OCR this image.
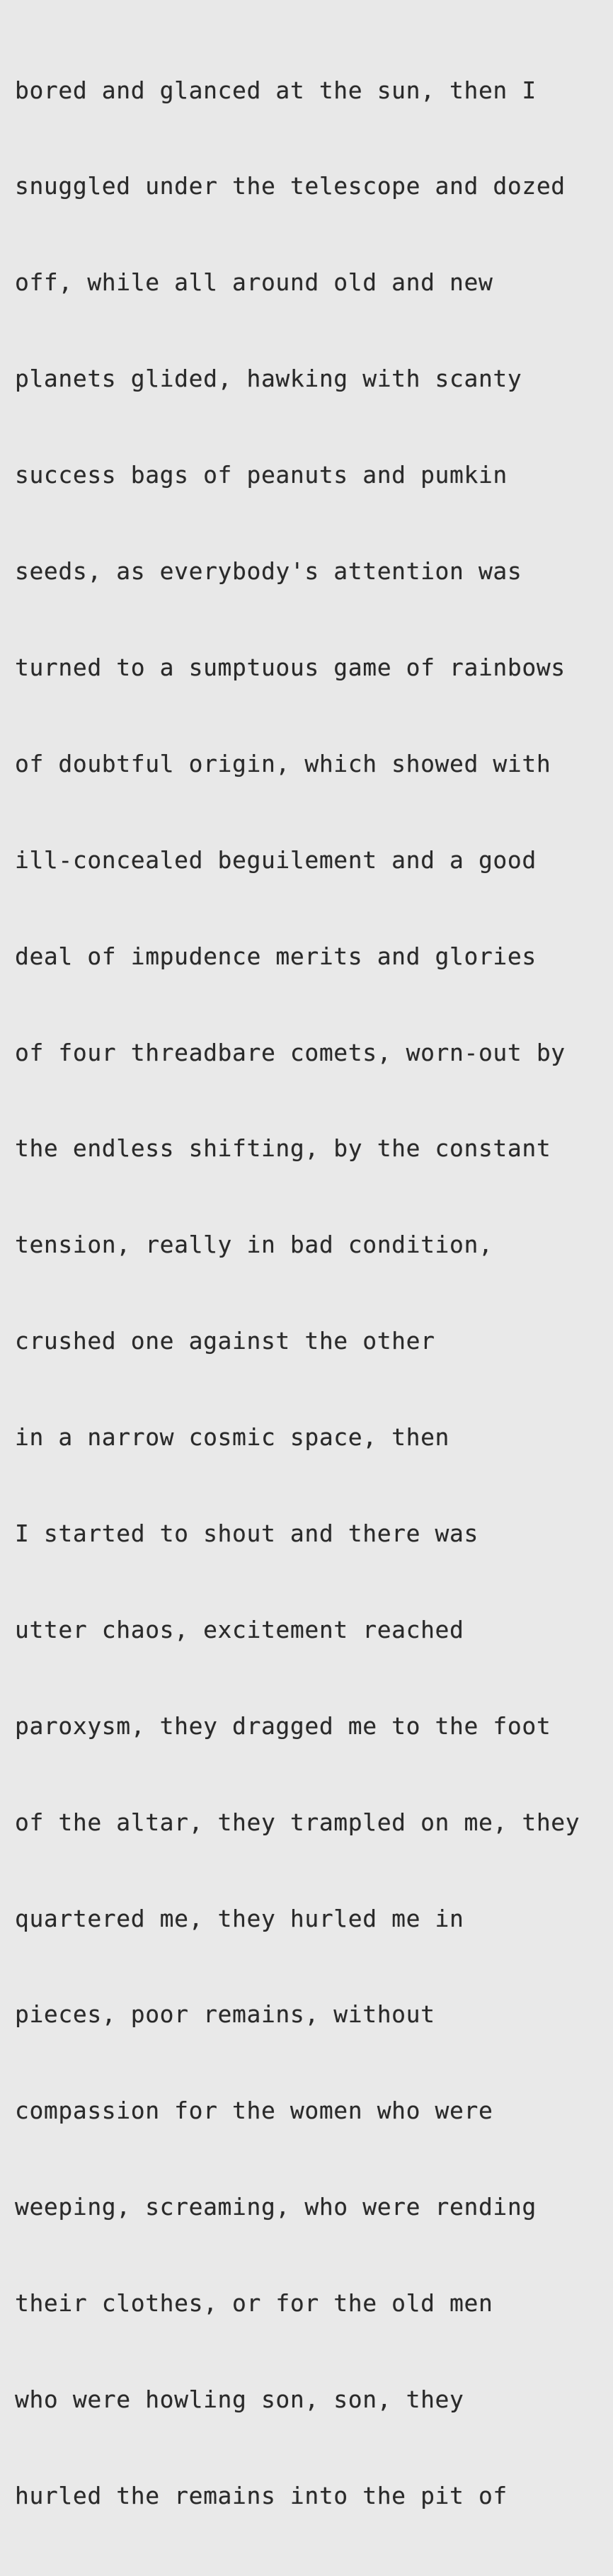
bored and glanced at the sun, then I

snuggled under the telescope and dozed

off, while all around old and new

planets glided, hawking with scanty

success bags of peanuts and pumkin

seeds, as everybody's attention was

turned to a sumptuous game of rainbows

of doubtful origin, which showed with

ill-concealed beguilement and a good

deal of impudence merits and glories

of four threadbare comets, worn-out by

the endless shifting, by the constant

tension, really in bad condition,

crushed one against the other

in a narrow cosmic space, then

I started to shout and there was

utter chaos, excitement reached

paroxysm, they dragged me to the foot

of the altar, they trampled on me, they

quartered me, they hurled me in

pieces, poor remains, without

compassion for the women who were

weeping, screaming, who were rending

their clothes, or for the old men

who were howling son, son, they

hurled the remains into the pit of
